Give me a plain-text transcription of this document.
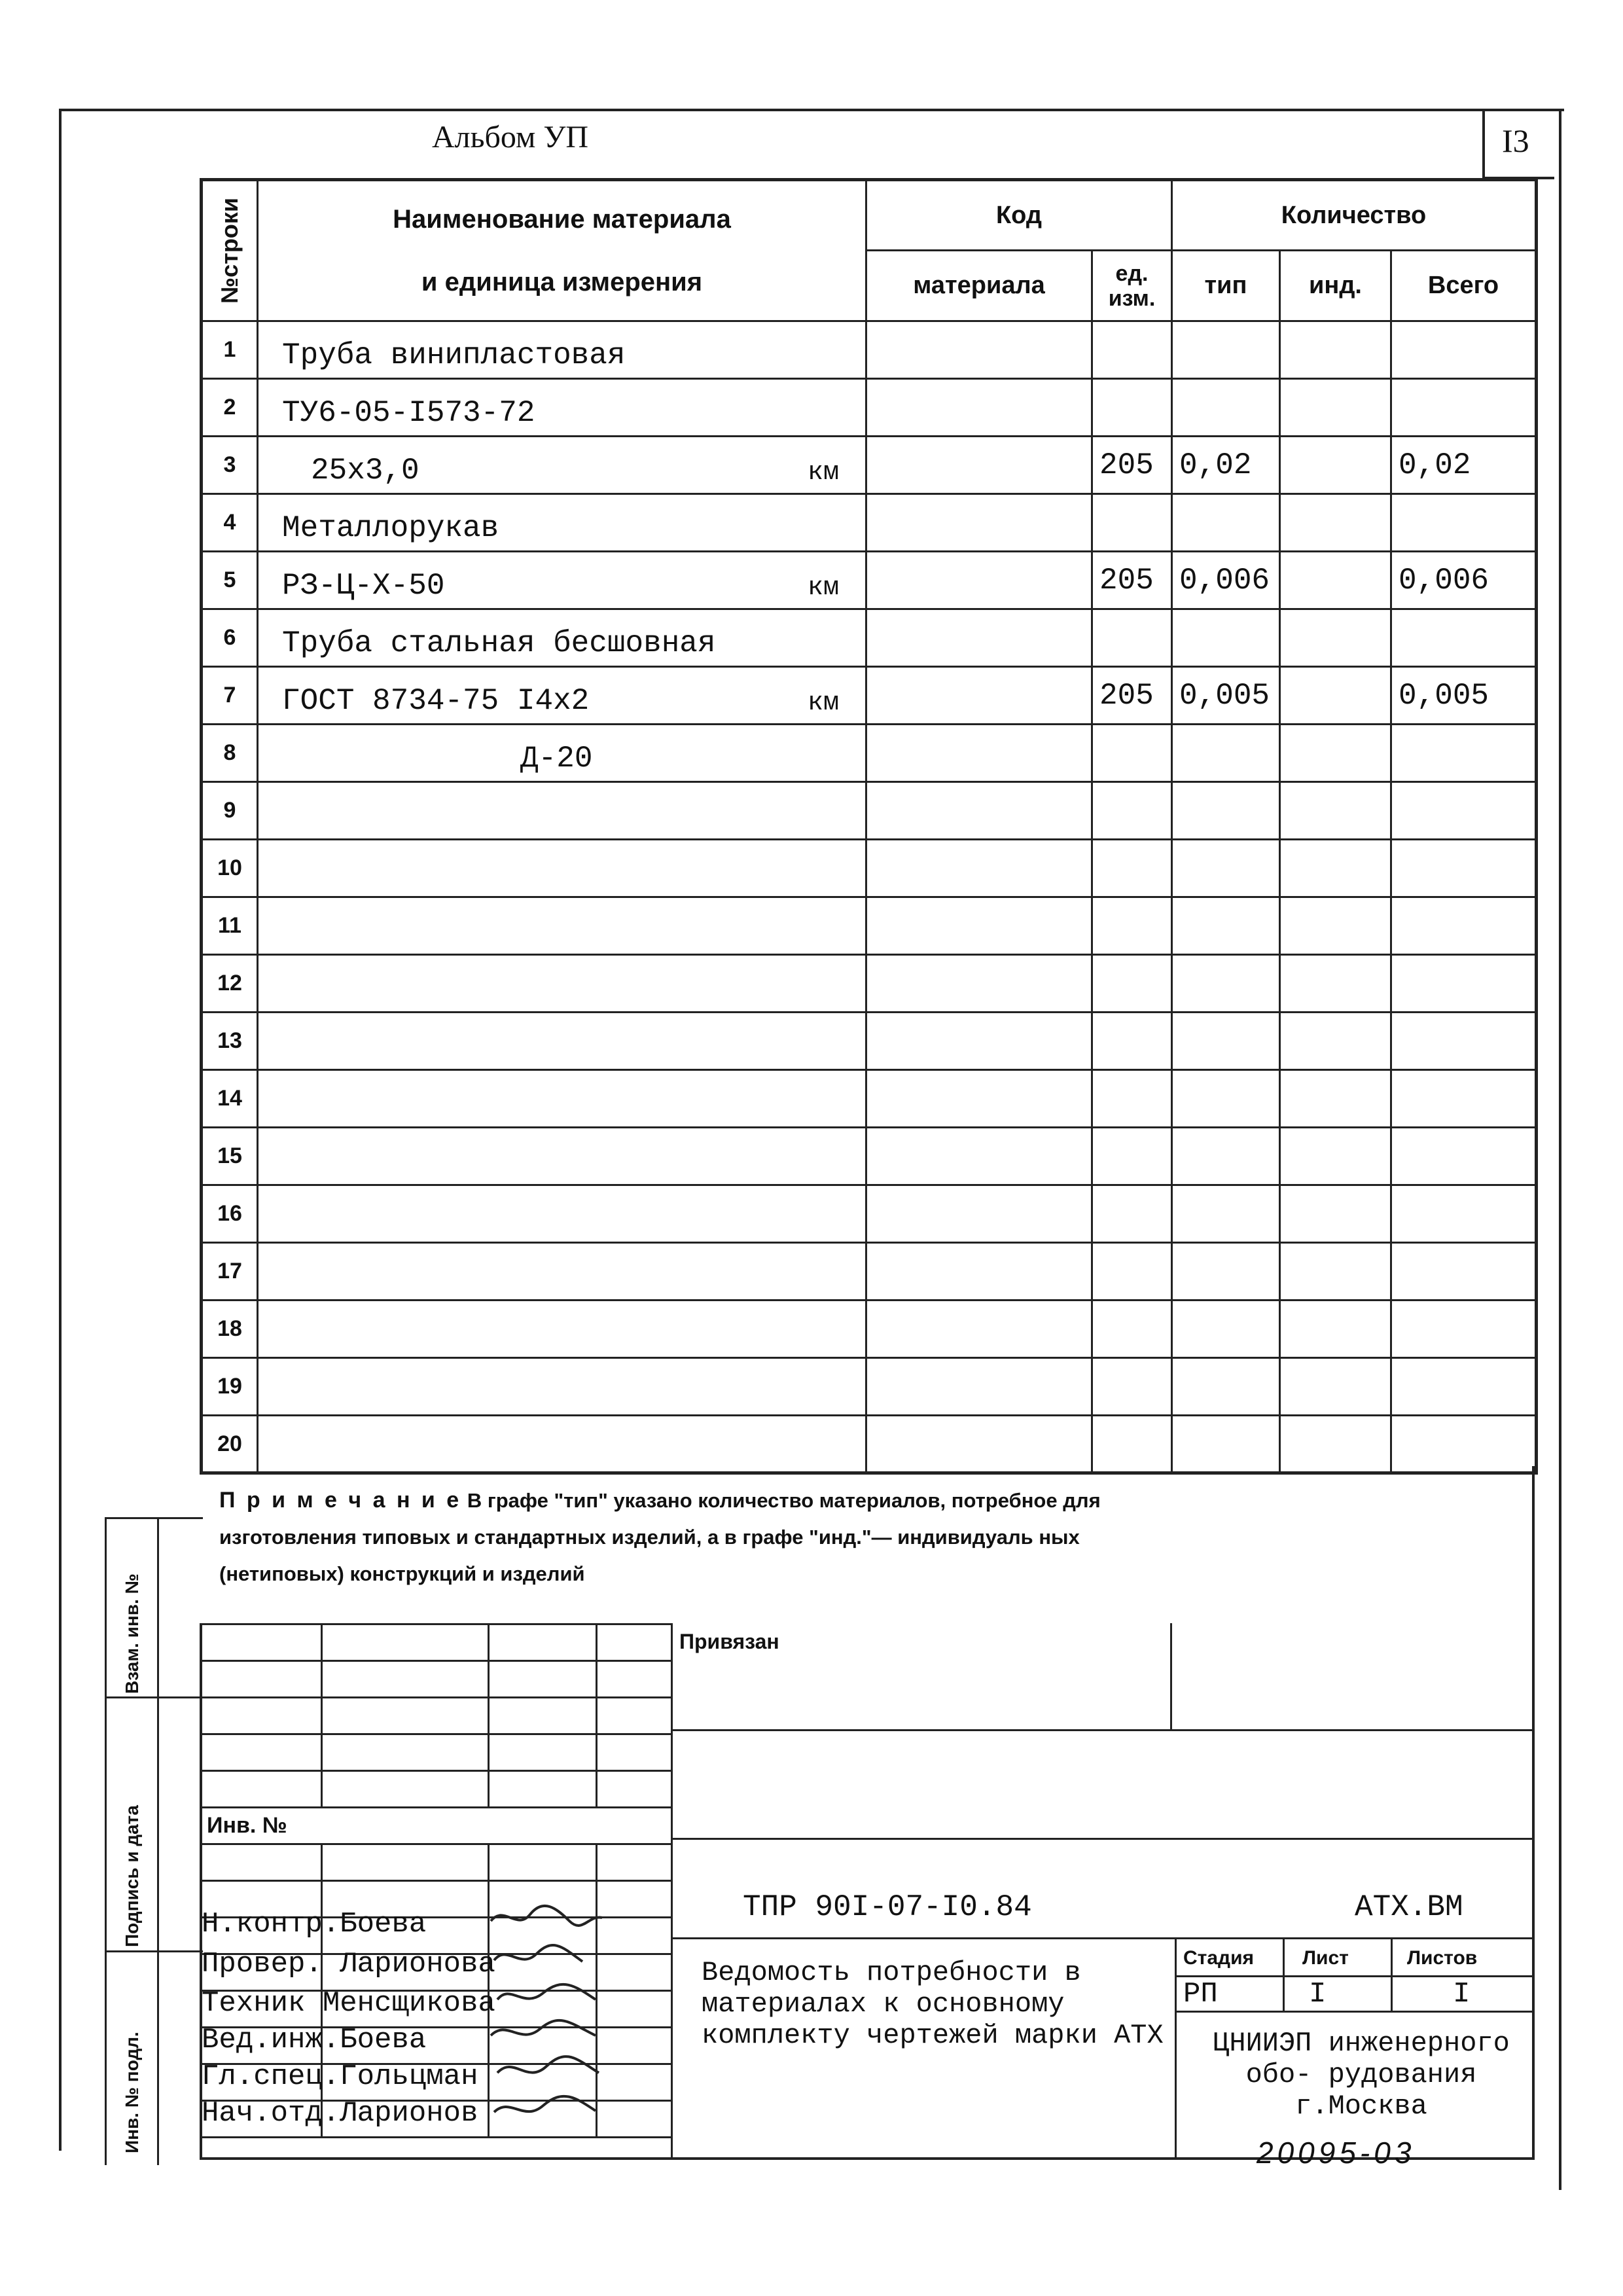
Альбом УП	I3
№строки	Наименование материала
и единица измерения	Код		Количество		
		материала	ед. изм.	тип	инд.	Всего
1	Труба винипластовая					

2	ТУ6-05-I573-72					

3	25х3,0 км		205	0,02		0,02
4	Металлорукав					

5	РЗ-Ц-Х-50 км		205	0,006		0,006
6	Труба стальная бесшовная					

7	ГОСТ 8734-75 I4х2 км		205	0,005		0,005
8	Д-20					

9	

10	

11	

12	

13	

14	

15	

16	

17	

18	

19	

20	

П р и м е ч а н и е В графе "тип" указано количество материалов, потребное для изготовления типовых и стандартных изделий, а в графе "инд."— индивидуаль ных (нетиповых) конструкций и изделий
Взам. инв. №
Подпись и дата
Инв. № подл.

Инв. №			

Н.контр.Боева
Провер. Ларионова
Техник Менсщикова
Вед.инж.Боева
Гл.спец.Гольцман
Нач.отд.Ларионов
Привязан
ТПР 90I-07-I0.84	АТХ.ВМ
Ведомость потребности в материалах к основному комплекту чертежей марки АТХ
Стадия Лист	Листов
РП	I	I
ЦНИИЭП инженерного обо- рудования г.Москва
20095-03
